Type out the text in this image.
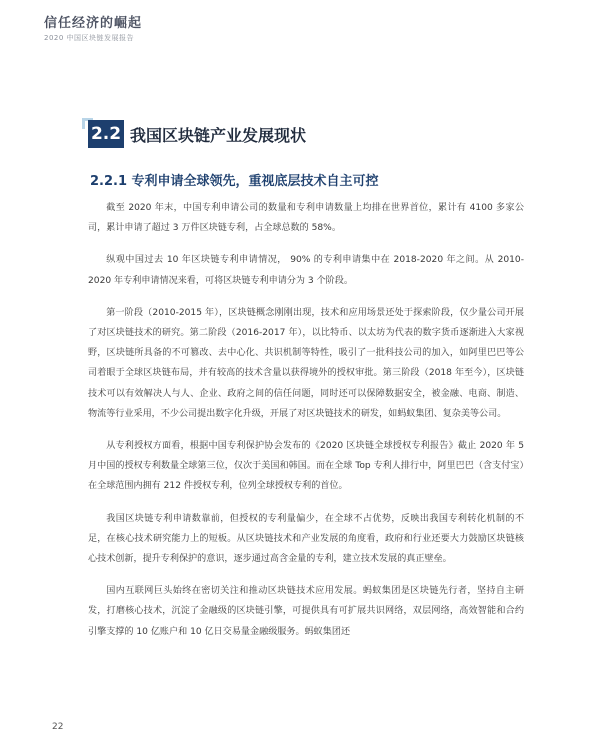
信任经济的崛起
2020 中国区块链发展报告
2.2 我国区块链产业发展现状
2.2.1 专利申请全球领先，重视底层技术自主可控

截至 2020 年末，中国专利申请公司的数量和专利申请数量上均排在世界首位，累计有 4100 多家公司，累计申请了超过 3 万件区块链专利，占全球总数的 58%。

纵观中国过去 10 年区块链专利申请情况， 90% 的专利申请集中在 2018-2020 年之间。从 2010-2020 年专利申请情况来看，可将区块链专利申请分为 3 个阶段。

第一阶段（2010-2015 年），区块链概念刚刚出现，技术和应用场景还处于探索阶段，仅少量公司开展了对区块链技术的研究。第二阶段（2016-2017 年），以比特币、以太坊为代表的数字货币逐渐进入大家视野，区块链所具备的不可篡改、去中心化、共识机制等特性，吸引了一批科技公司的加入，如阿里巴巴等公司着眼于全球区块链布局，并有较高的技术含量以获得境外的授权审批。第三阶段（2018 年至今），区块链技术可以有效解决人与人、企业、政府之间的信任问题，同时还可以保障数据安全，被金融、电商、制造、物流等行业采用，不少公司提出数字化升级，开展了对区块链技术的研发，如蚂蚁集团、复杂美等公司。

从专利授权方面看，根据中国专利保护协会发布的《2020 区块链全球授权专利报告》截止 2020 年 5 月中国的授权专利数量全球第三位，仅次于美国和韩国。而在全球 Top 专利人排行中，阿里巴巴（含支付宝）在全球范围内拥有 212 件授权专利，位列全球授权专利的首位。

我国区块链专利申请数靠前，但授权的专利量偏少，在全球不占优势，反映出我国专利转化机制的不足，在核心技术研究能力上的短板。从区块链技术和产业发展的角度看，政府和行业还要大力鼓励区块链核心技术创新，提升专利保护的意识，逐步通过高含金量的专利，建立技术发展的真正壁垒。

国内互联网巨头始终在密切关注和推动区块链技术应用发展。蚂蚁集团是区块链先行者，坚持自主研发，打磨核心技术，沉淀了金融级的区块链引擎，可提供具有可扩展共识网络，双层网络，高效智能和合约引擎支撑的 10 亿账户和 10 亿日交易量金融级服务。蚂蚁集团还

22
